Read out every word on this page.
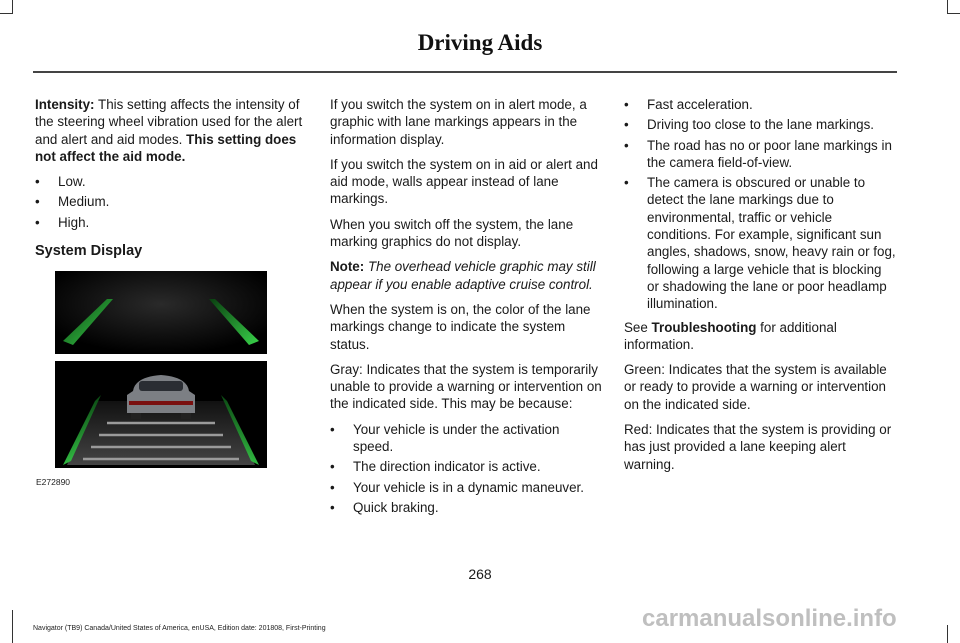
Driving Aids

Intensity: This setting affects the intensity of the steering wheel vibration used for the alert and alert and aid modes. This setting does not affect the aid mode.

• Low.
• Medium.
• High.
System Display
E272890

If you switch the system on in alert mode, a graphic with lane markings appears in the information display.

If you switch the system on in aid or alert and aid mode, walls appear instead of lane markings.

When you switch off the system, the lane marking graphics do not display.

Note: The overhead vehicle graphic may still appear if you enable adaptive cruise control.

When the system is on, the color of the lane markings change to indicate the system status.

Gray: Indicates that the system is temporarily unable to provide a warning or intervention on the indicated side. This may be because:

• Your vehicle is under the activation speed.
• The direction indicator is active.
• Your vehicle is in a dynamic maneuver.
• Quick braking.
• Fast acceleration.
• Driving too close to the lane markings.
• The road has no or poor lane markings in the camera field-of-view.
• The camera is obscured or unable to detect the lane markings due to environmental, traffic or vehicle conditions. For example, significant sun angles, shadows, snow, heavy rain or fog, following a large vehicle that is blocking or shadowing the lane or poor headlamp illumination.

See Troubleshooting for additional information.

Green: Indicates that the system is available or ready to provide a warning or intervention on the indicated side.

Red: Indicates that the system is providing or has just provided a lane keeping alert warning.

268
Navigator (TB9) Canada/United States of America, enUSA, Edition date: 201808, First-Printing	carmanualsonline.info
